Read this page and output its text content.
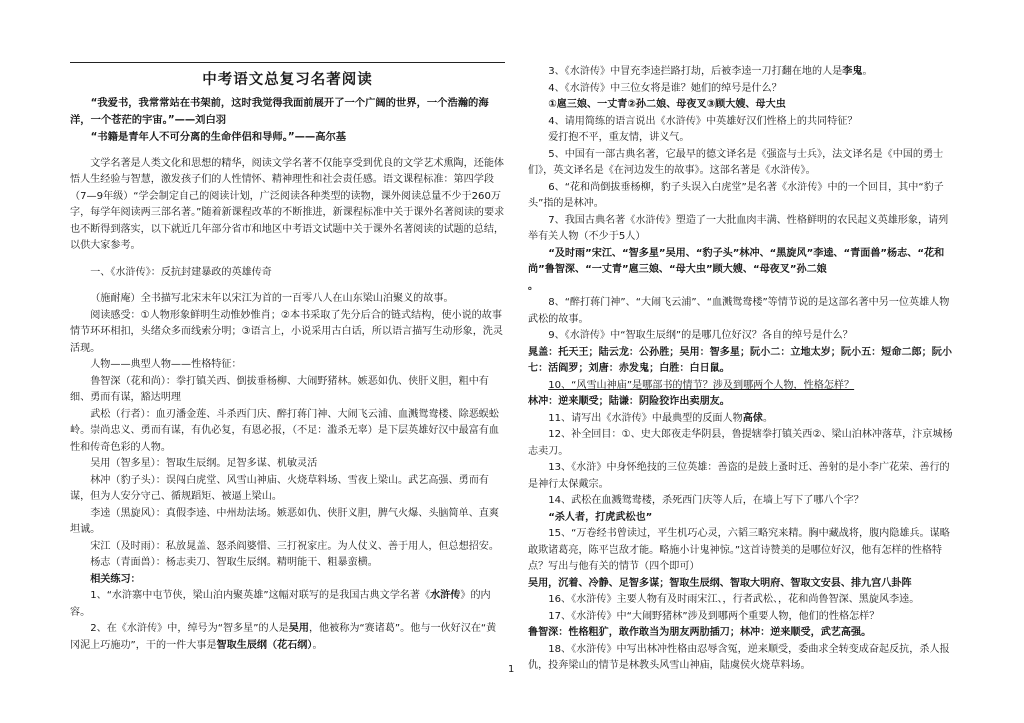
中考语文总复习名著阅读

“我爱书，我常常站在书架前，这时我觉得我面前展开了一个广阔的世界，一个浩瀚的海洋，一个苍茫的宇宙。”——刘白羽

“书籍是青年人不可分离的生命伴侣和导师。”——高尔基

文学名著是人类文化和思想的精华，阅读文学名著不仅能享受到优良的文学艺术熏陶，还能体悟人生经验与智慧，激发孩子们的人性情怀、精神理性和社会责任感。语文课程标准：第四学段（7—9年级）“学会制定自己的阅读计划，广泛阅读各种类型的读物，课外阅读总量不少于260万字，每学年阅读两三部名著。”随着新课程改革的不断推进，新课程标准中关于课外名著阅读的要求也不断得到落实，以下就近几年部分省市和地区中考语文试题中关于课外名著阅读的试题的总结，以供大家参考。

一、《水浒传》：反抗封建暴政的英雄传奇

（施耐庵）全书描写北宋末年以宋江为首的一百零八人在山东梁山泊聚义的故事。

阅读感受：①人物形象鲜明生动惟妙惟肖；②本书采取了先分后合的链式结构，使小说的故事情节环环相扣，头绪众多而线索分明；③语言上，小说采用古白话，所以语言描写生动形象，洗灵活现。

人物——典型人物——性格特征：

鲁智深（花和尚）：拳打镇关西、倒拔垂杨柳、大闹野猪林。嫉恶如仇、侠肝义胆，粗中有细、勇而有谋，豁达明理

武松（行者）：血刃潘金莲、斗杀西门庆、醉打蒋门神、大闹飞云浦、血溅鸳鸯楼、除恶蜈蚣岭。崇尚忠义、勇而有谋，有仇必复，有恩必报，（不足：滥杀无辜）是下层英雄好汉中最富有血性和传奇色彩的人物。

吴用（智多星）：智取生辰纲。足智多谋、机敏灵活

林冲（豹子头）：误闯白虎堂、风雪山神庙、火烧草料场、雪夜上梁山。武艺高强、勇而有谋，但为人安分守己、循规蹈矩、被逼上梁山。

李逵（黑旋风）：真假李逵、中州劫法场。嫉恶如仇、侠肝义胆，脾气火爆、头脑简单、直爽坦诚。

宋江（及时雨）：私放晁盖、怒杀阎婆惜、三打祝家庄。为人仗义、善于用人，但总想招安。

杨志（青面兽）：杨志卖刀、智取生辰纲。精明能干、粗暴蛮横。

相关练习：

1、“水浒寨中屯节侠，梁山泊内聚英雄”这幅对联写的是我国古典文学名著《水浒传》的内容。

2、在《水浒传》中，绰号为“智多星”的人是吴用，他被称为“赛诸葛”。他与一伙好汉在“黄冈泥上巧施功”，干的一件大事是智取生辰纲（花石纲）。

3、《水浒传》中冒充李逵拦路打劫，后被李逵一刀打翻在地的人是李鬼。

4、《水浒传》中三位女将是谁？她们的绰号是什么？

①扈三娘、一丈青②孙二娘、母夜叉③顾大嫂、母大虫

4、请用简练的语言说出《水浒传》中英雄好汉们性格上的共同特征？

爱打抱不平，重友情，讲义气。

5、中国有一部古典名著，它最早的德文译名是《强盗与士兵》，法文译名是《中国的勇士们》，英文译名是《在河边发生的故事》。这部名著是《水浒传》。

6、“花和尚倒拔垂杨柳，豹子头误入白虎堂”是名著《水浒传》中的一个回目，其中“豹子头”指的是林冲。

7、我国古典名著《水浒传》塑造了一大批血肉丰满、性格鲜明的农民起义英雄形象，请列举有关人物（不少于5人）

“及时雨”宋江、“智多星”吴用、“豹子头”林冲、“黑旋风”李逵、“青面兽”杨志、“花和尚”鲁智深、“一丈青”扈三娘、“母大虫”顾大嫂、“母夜叉”孙二娘。

8、“醉打蒋门神”、“大闹飞云浦”、“血溅鸳鸯楼”等情节说的是这部名著中另一位英雄人物武松的故事。

9、《水浒传》中“智取生辰纲”的是哪几位好汉？各自的绰号是什么？

晁盖：托天王；陆云龙：公孙胜；吴用：智多星；阮小二：立地太岁；阮小五：短命二郎；阮小七：活阎罗；刘唐：赤发鬼；白胜：白日鼠。

10、“风雪山神庙”是哪部书的情节？涉及到哪两个人物，性格怎样？

林冲：逆来顺受；陆谦：阴险狡诈出卖朋友。

11、请写出《水浒传》中最典型的反面人物高俅。

12、补全回目：①、史大郎夜走华阴县，鲁提辖拳打镇关西②、梁山泊林冲落草，汴京城杨志卖刀。

13、《水浒》中身怀绝技的三位英雄：善盗的是鼓上蚤时迁、善射的是小李广花荣、善行的是神行太保戴宗。

14、武松在血溅鸳鸯楼，杀死西门庆等人后，在墙上写下了哪八个字？

“杀人者，打虎武松也”

15、“万卷经书曾读过，平生机巧心灵，六韬三略究来精。胸中藏战将，腹内隐雄兵。谋略敢欺诸葛亮，陈平岂敌才能。略施小计鬼神惊。”这首诗赞美的是哪位好汉，他有怎样的性格特点？写出与他有关的情节（四个即可）

吴用，沉着、冷静、足智多谋；智取生辰纲、智取大明府、智取文安县、排九宫八卦阵

16、《水浒传》主要人物有及时雨宋江、，行者武松、，花和尚鲁智深、黑旋风李逵。

17、《水浒传》中“大闹野猪林”涉及到哪两个重要人物，他们的性格怎样？

鲁智深：性格粗犷，敢作敢当为朋友两肋插刀；林冲：逆来顺受，武艺高强。

18、《水浒传》中写出林冲性格由忍辱含冤，逆来顺受，委曲求全转变成奋起反抗，杀人报仇，投奔梁山的情节是林教头风雪山神庙，陆虞侯火烧草料场。

1
